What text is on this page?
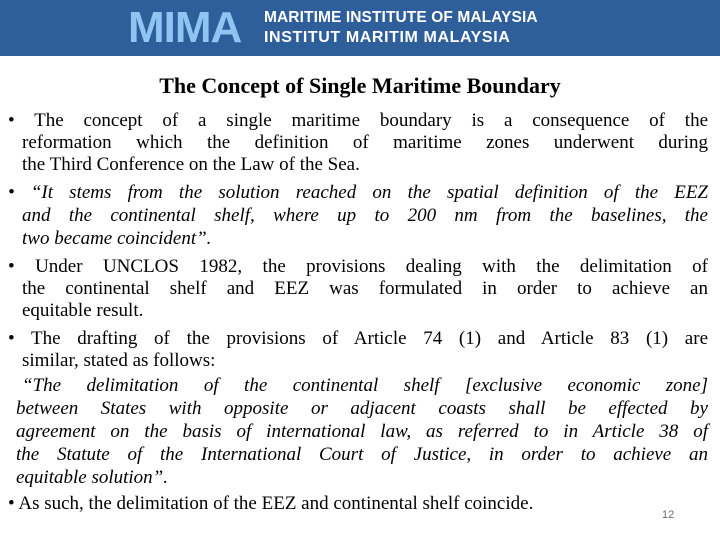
MIMA MARITIME INSTITUTE OF MALAYSIA
INSTITUT MARITIM MALAYSIA
The Concept of Single Maritime Boundary
• The concept of a single maritime boundary is a consequence of the
reformation which the definition of maritime zones underwent during
the Third Conference on the Law of the Sea.
• “It stems from the solution reached on the spatial definition of the EEZ
and the continental shelf, where up to 200 nm from the baselines, the
two became coincident”.
• Under UNCLOS 1982, the provisions dealing with the delimitation of
the continental shelf and EEZ was formulated in order to achieve an
equitable result.
• The drafting of the provisions of Article 74 (1) and Article 83 (1) are
similar, stated as follows:
“The delimitation of the continental shelf [exclusive economic zone]
between States with opposite or adjacent coasts shall be effected by
agreement on the basis of international law, as referred to in Article 38 of
the Statute of the International Court of Justice, in order to achieve an
equitable solution”.
• As such, the delimitation of the EEZ and continental shelf coincide.
12
